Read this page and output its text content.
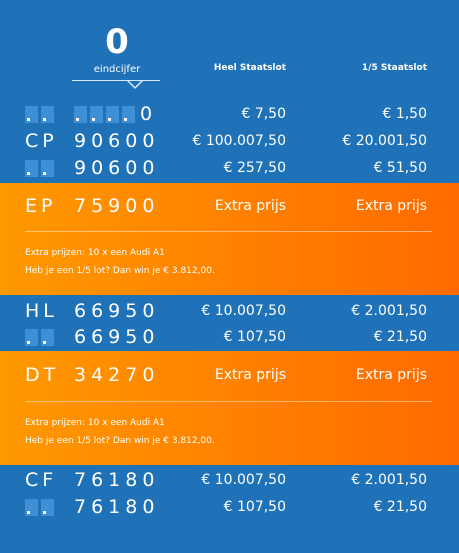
0
eindcijfer	Heel Staatslot	1/5 Staatslot
0	€ 7,50	€ 1,50
CP 90600	€ 100.007,50	€ 20.001,50
90600	€ 257,50	€ 51,50
EP 75900	Extra prijs	Extra prijs
Extra prijzen: 10 x een Audi A1
Heb je een 1/5 lot? Dan win je € 3.812,00.
HL 66950	€ 10.007,50	€ 2.001,50
66950	€ 107,50	€ 21,50
DT 34270	Extra prijs	Extra prijs
Extra prijzen: 10 x een Audi A1
Heb je een 1/5 lot? Dan win je € 3.812,00.
CF 76180	€ 10.007,50	€ 2.001,50
76180	€ 107,50	€ 21,50
